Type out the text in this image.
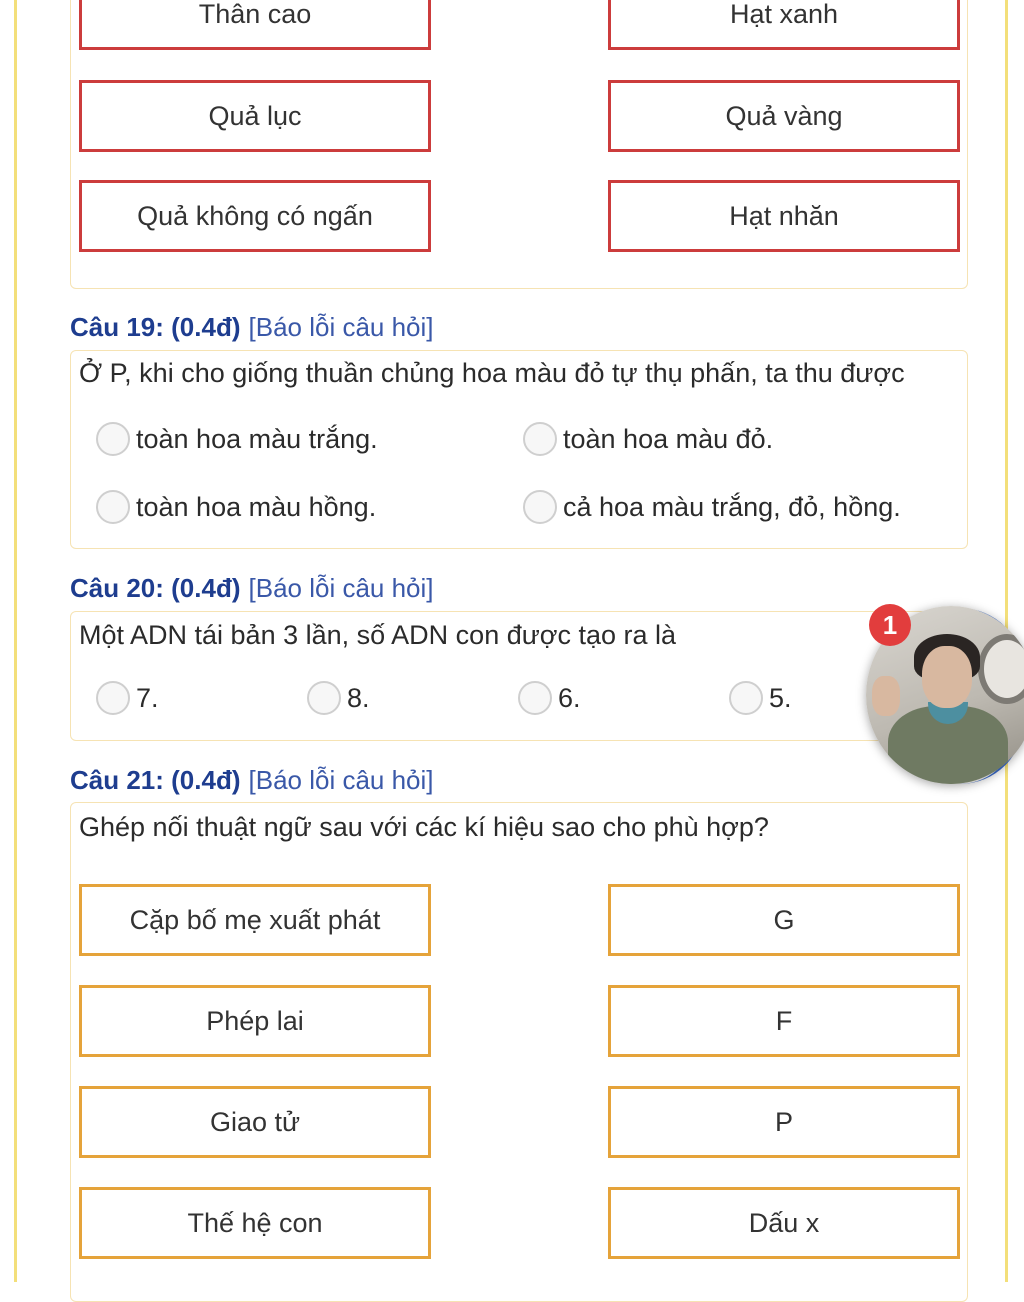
Thân cao	Hạt xanh
Quả lục	Quả vàng
Quả không có ngấn	Hạt nhăn
Câu 19: (0.4đ) [Báo lỗi câu hỏi]
Ở P, khi cho giống thuần chủng hoa màu đỏ tự thụ phấn, ta thu được
toàn hoa màu trắng.	toàn hoa màu đỏ.
toàn hoa màu hồng.	cả hoa màu trắng, đỏ, hồng.
Câu 20: (0.4đ) [Báo lỗi câu hỏi]
Một ADN tái bản 3 lần, số ADN con được tạo ra là
7.	8.	6.	5.
Câu 21: (0.4đ) [Báo lỗi câu hỏi]
Ghép nối thuật ngữ sau với các kí hiệu sao cho phù hợp?
Cặp bố mẹ xuất phát	G
Phép lai	F
Giao tử	P
Thế hệ con	Dấu x
1
